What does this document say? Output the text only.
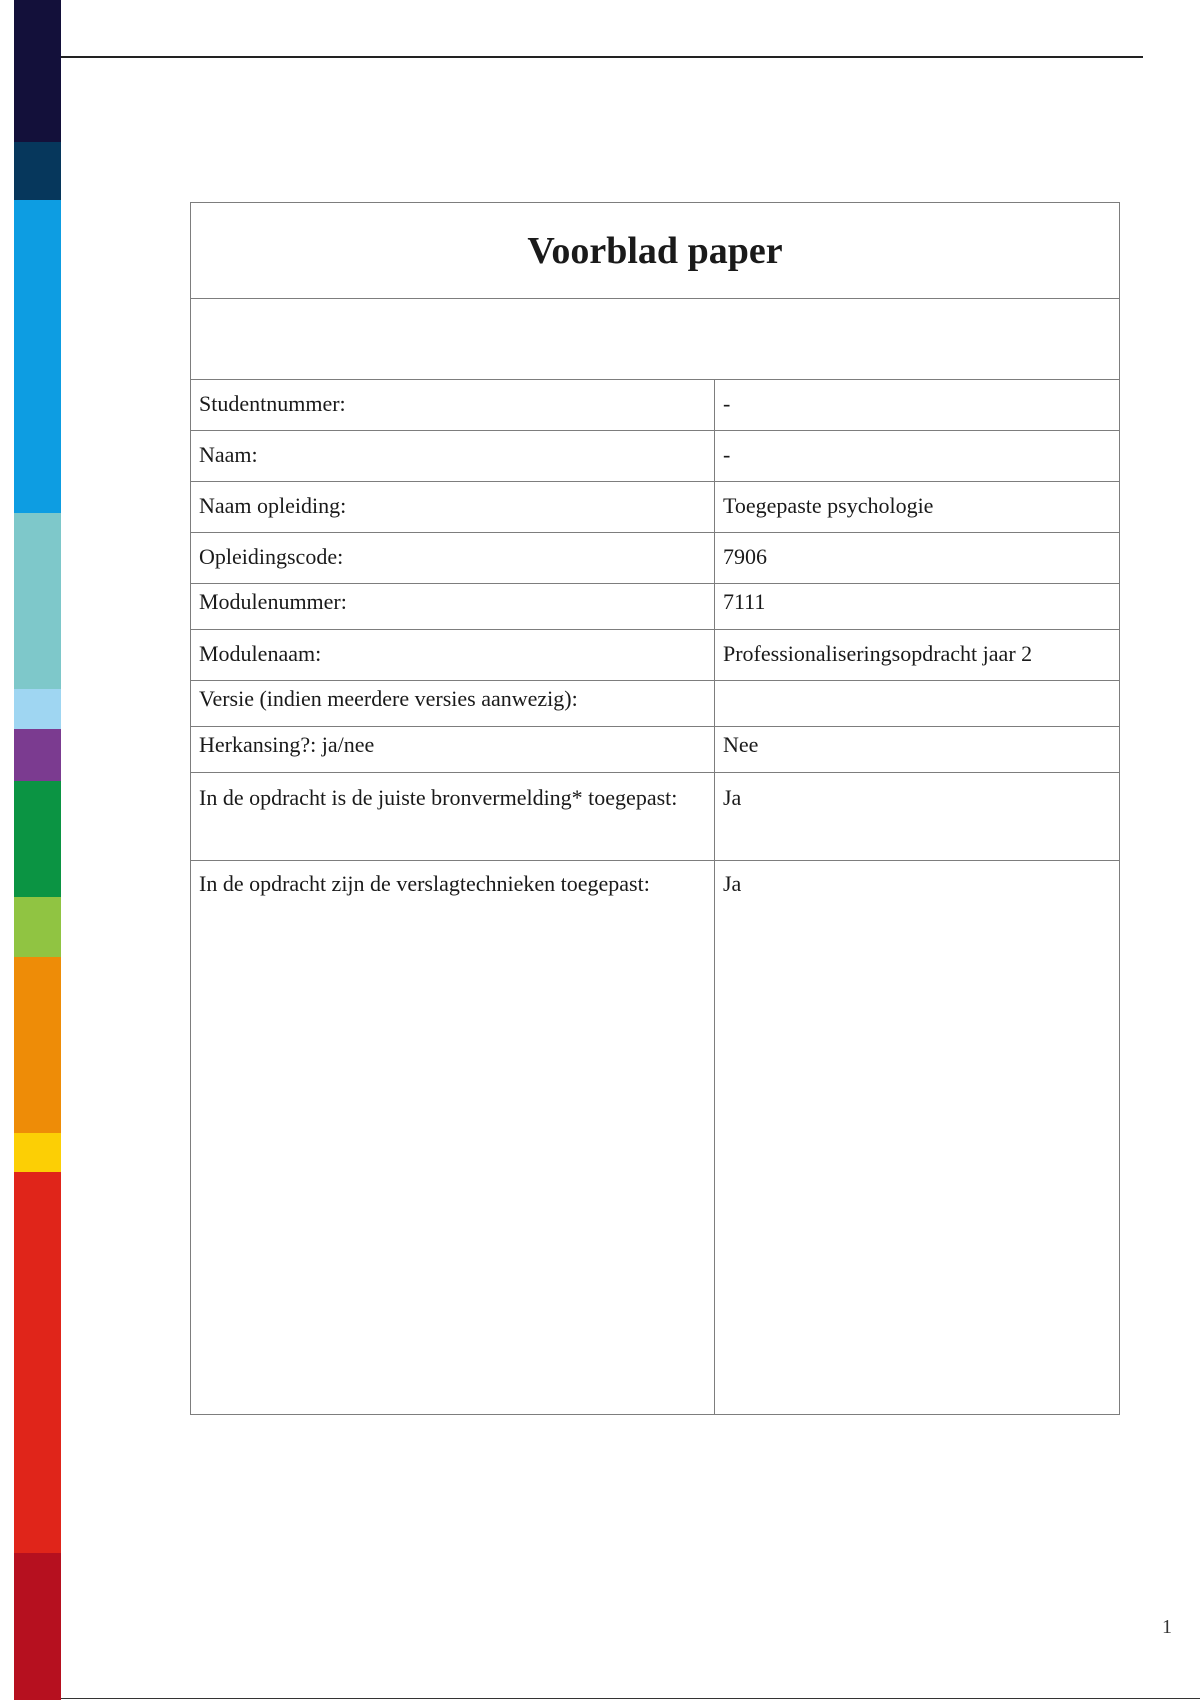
Voorblad paper	

Studentnummer:	-
Naam:	-
Naam opleiding:	Toegepaste psychologie
Opleidingscode:	7906
Modulenummer:	7111
Modulenaam:	Professionaliseringsopdracht jaar 2
Versie (indien meerdere versies aanwezig):	
Herkansing?: ja/nee	Nee
In de opdracht is de juiste bronvermelding* toegepast:	Ja
In de opdracht zijn de verslagtechnieken toegepast:	Ja
1
